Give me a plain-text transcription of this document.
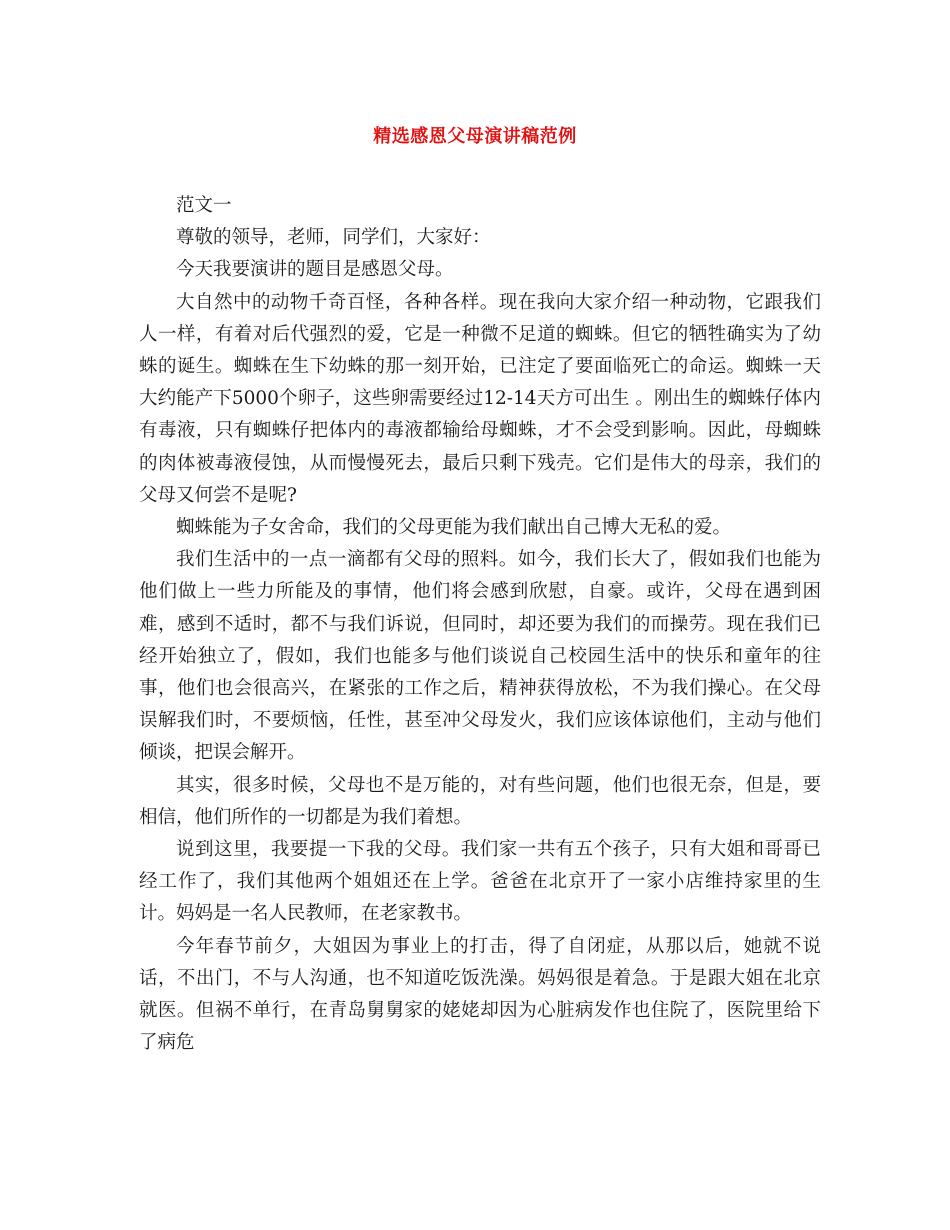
精选感恩父母演讲稿范例

范文一

尊敬的领导，老师，同学们，大家好：

今天我要演讲的题目是感恩父母。

大自然中的动物千奇百怪，各种各样。现在我向大家介绍一种动物，它跟我们人一样，有着对后代强烈的爱，它是一种微不足道的蜘蛛。但它的牺牲确实为了幼蛛的诞生。蜘蛛在生下幼蛛的那一刻开始，已注定了要面临死亡的命运。蜘蛛一天大约能产下5000个卵子，这些卵需要经过12-14天方可出生 。刚出生的蜘蛛仔体内有毒液，只有蜘蛛仔把体内的毒液都输给母蜘蛛，才不会受到影响。因此，母蜘蛛的肉体被毒液侵蚀，从而慢慢死去，最后只剩下残壳。它们是伟大的母亲，我们的父母又何尝不是呢?

蜘蛛能为子女舍命，我们的父母更能为我们献出自己博大无私的爱。

我们生活中的一点一滴都有父母的照料。如今，我们长大了，假如我们也能为他们做上一些力所能及的事情，他们将会感到欣慰，自豪。或许，父母在遇到困难，感到不适时，都不与我们诉说，但同时，却还要为我们的而操劳。现在我们已经开始独立了，假如，我们也能多与他们谈说自己校园生活中的快乐和童年的往事，他们也会很高兴，在紧张的工作之后，精神获得放松，不为我们操心。在父母误解我们时，不要烦恼，任性，甚至冲父母发火，我们应该体谅他们，主动与他们倾谈，把误会解开。

其实，很多时候，父母也不是万能的，对有些问题，他们也很无奈，但是，要相信，他们所作的一切都是为我们着想。

说到这里，我要提一下我的父母。我们家一共有五个孩子，只有大姐和哥哥已经工作了，我们其他两个姐姐还在上学。爸爸在北京开了一家小店维持家里的生计。妈妈是一名人民教师，在老家教书。

今年春节前夕，大姐因为事业上的打击，得了自闭症，从那以后，她就不说话，不出门，不与人沟通，也不知道吃饭洗澡。妈妈很是着急。于是跟大姐在北京就医。但祸不单行，在青岛舅舅家的姥姥却因为心脏病发作也住院了，医院里给下了病危
